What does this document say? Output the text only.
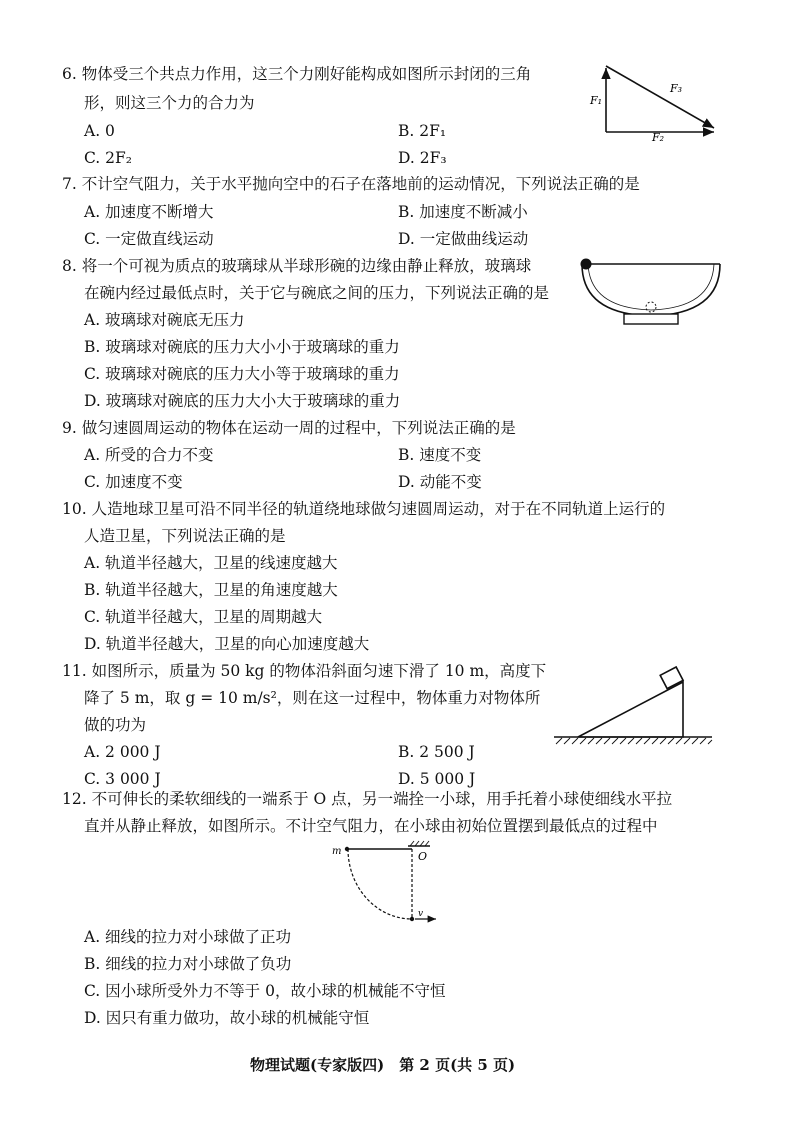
6. 物体受三个共点力作用，这三个力刚好能构成如图所示封闭的三角
形，则这三个力的合力为
A. 0	B. 2F₁
C. 2F₂	D. 2F₃
F₁
F₃
F₂
7. 不计空气阻力，关于水平抛向空中的石子在落地前的运动情况，下列说法正确的是
A. 加速度不断增大	B. 加速度不断减小
C. 一定做直线运动	D. 一定做曲线运动
8. 将一个可视为质点的玻璃球从半球形碗的边缘由静止释放，玻璃球
在碗内经过最低点时，关于它与碗底之间的压力，下列说法正确的是
A. 玻璃球对碗底无压力
B. 玻璃球对碗底的压力大小小于玻璃球的重力
C. 玻璃球对碗底的压力大小等于玻璃球的重力
D. 玻璃球对碗底的压力大小大于玻璃球的重力
9. 做匀速圆周运动的物体在运动一周的过程中，下列说法正确的是
A. 所受的合力不变	B. 速度不变
C. 加速度不变	D. 动能不变
10. 人造地球卫星可沿不同半径的轨道绕地球做匀速圆周运动，对于在不同轨道上运行的
人造卫星，下列说法正确的是
A. 轨道半径越大，卫星的线速度越大
B. 轨道半径越大，卫星的角速度越大
C. 轨道半径越大，卫星的周期越大
D. 轨道半径越大，卫星的向心加速度越大
11. 如图所示，质量为 50 kg 的物体沿斜面匀速下滑了 10 m，高度下
降了 5 m，取 g = 10 m/s²，则在这一过程中，物体重力对物体所
做的功为
A. 2 000 J	B. 2 500 J
C. 3 000 J	D. 5 000 J
12. 不可伸长的柔软细线的一端系于 O 点，另一端拴一小球，用手托着小球使细线水平拉
直并从静止释放，如图所示。不计空气阻力，在小球由初始位置摆到最低点的过程中
m	O
v
A. 细线的拉力对小球做了正功
B. 细线的拉力对小球做了负功
C. 因小球所受外力不等于 0，故小球的机械能不守恒
D. 因只有重力做功，故小球的机械能守恒
物理试题(专家版四)　第 2 页(共 5 页)
